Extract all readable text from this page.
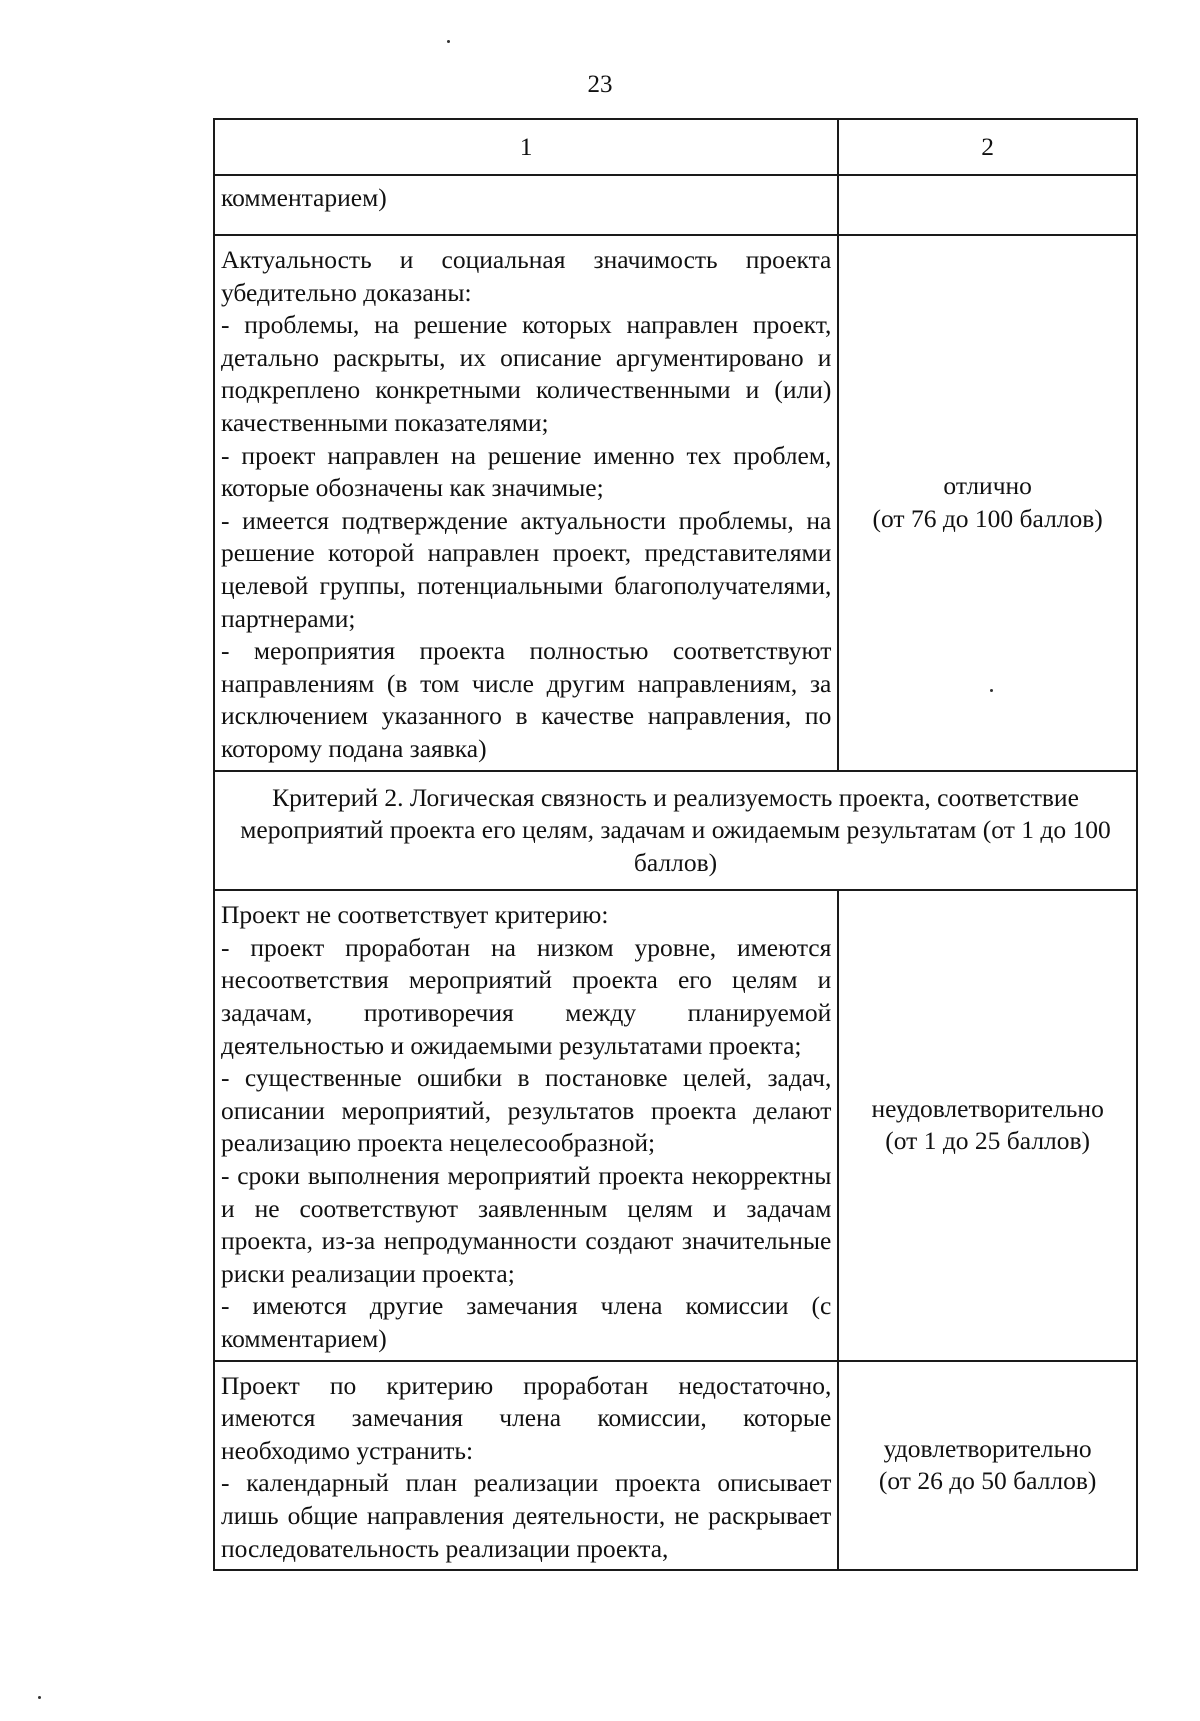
23
1	2

комментарием)	

Актуальность и социальная значимость проекта убедительно доказаны:
- проблемы, на решение которых направлен проект, детально раскрыты, их описание аргументировано и подкреплено конкретными количественными и (или) качественными показателями;
- проект направлен на решение именно тех проблем, которые обозначены как значимые;
- имеется подтверждение актуальности проблемы, на решение которой направлен проект, представителями целевой группы, потенциальными благополучателями, партнерами;
- мероприятия проекта полностью соответствуют направлениям (в том числе другим направлениям, за исключением указанного в качестве направления, по которому подана заявка)	отлично
(от 76 до 100 баллов)

Критерий 2. Логическая связность и реализуемость проекта, соответствие мероприятий проекта его целям, задачам и ожидаемым результатам (от 1 до 100 баллов)	

Проект не соответствует критерию:
- проект проработан на низком уровне, имеются несоответствия мероприятий проекта его целям и задачам, противоречия между планируемой деятельностью и ожидаемыми результатами проекта;
- существенные ошибки в постановке целей, задач, описании мероприятий, результатов проекта делают реализацию проекта нецелесообразной;
- сроки выполнения мероприятий проекта некорректны и не соответствуют заявленным целям и задачам проекта, из-за непродуманности создают значительные риски реализации проекта;
- имеются другие замечания члена комиссии (с комментарием)	неудовлетворительно
(от 1 до 25 баллов)

Проект по критерию проработан недостаточно, имеются замечания члена комиссии, которые необходимо устранить:
- календарный план реализации проекта описывает лишь общие направления деятельности, не раскрывает последовательность реализации проекта,	удовлетворительно
(от 26 до 50 баллов)
